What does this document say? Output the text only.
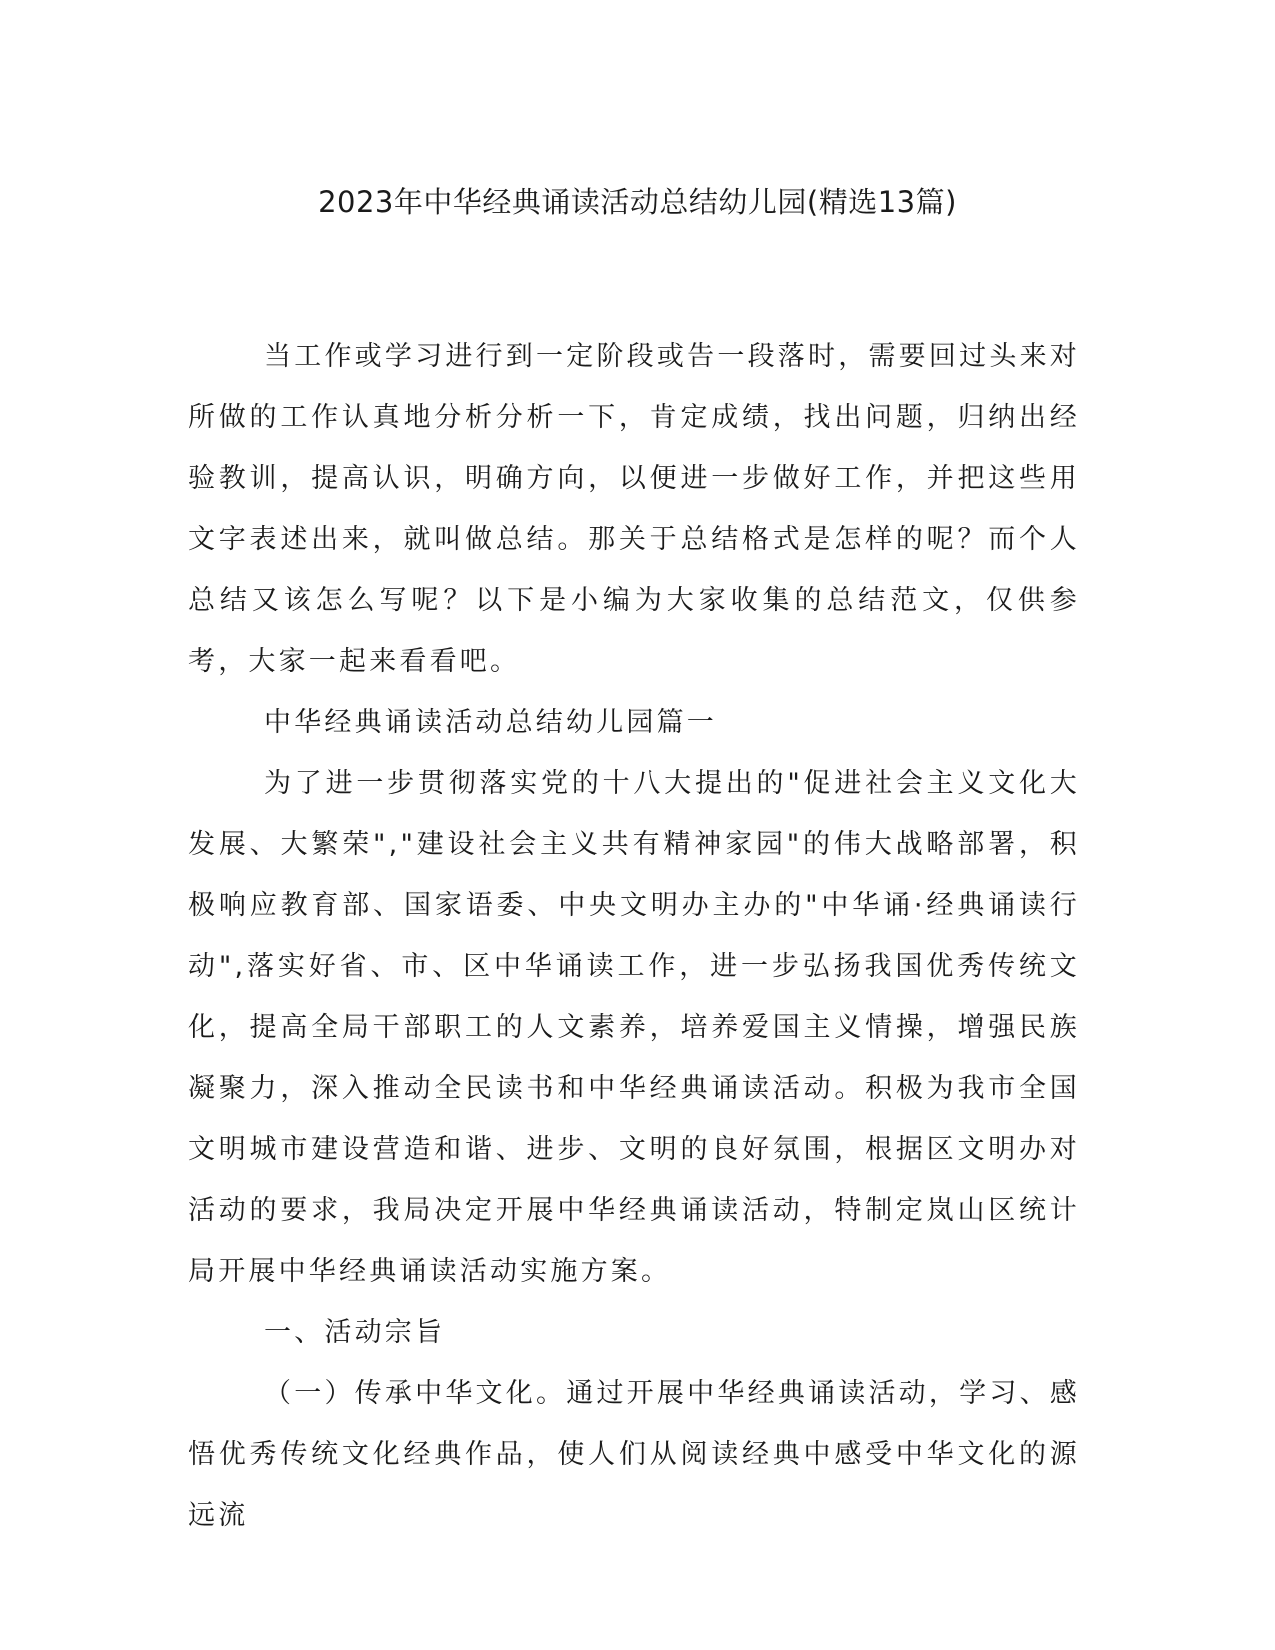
2023年中华经典诵读活动总结幼儿园(精选13篇)

当工作或学习进行到一定阶段或告一段落时，需要回过头来对所做的工作认真地分析分析一下，肯定成绩，找出问题，归纳出经验教训，提高认识，明确方向，以便进一步做好工作，并把这些用文字表述出来，就叫做总结。那关于总结格式是怎样的呢？而个人总结又该怎么写呢？以下是小编为大家收集的总结范文，仅供参考，大家一起来看看吧。

中华经典诵读活动总结幼儿园篇一

为了进一步贯彻落实党的十八大提出的"促进社会主义文化大发展、大繁荣","建设社会主义共有精神家园"的伟大战略部署，积极响应教育部、国家语委、中央文明办主办的"中华诵·经典诵读行动",落实好省、市、区中华诵读工作，进一步弘扬我国优秀传统文化，提高全局干部职工的人文素养，培养爱国主义情操，增强民族凝聚力，深入推动全民读书和中华经典诵读活动。积极为我市全国文明城市建设营造和谐、进步、文明的良好氛围，根据区文明办对活动的要求，我局决定开展中华经典诵读活动，特制定岚山区统计局开展中华经典诵读活动实施方案。

一、活动宗旨

（一）传承中华文化。通过开展中华经典诵读活动，学习、感悟优秀传统文化经典作品，使人们从阅读经典中感受中华文化的源远流
